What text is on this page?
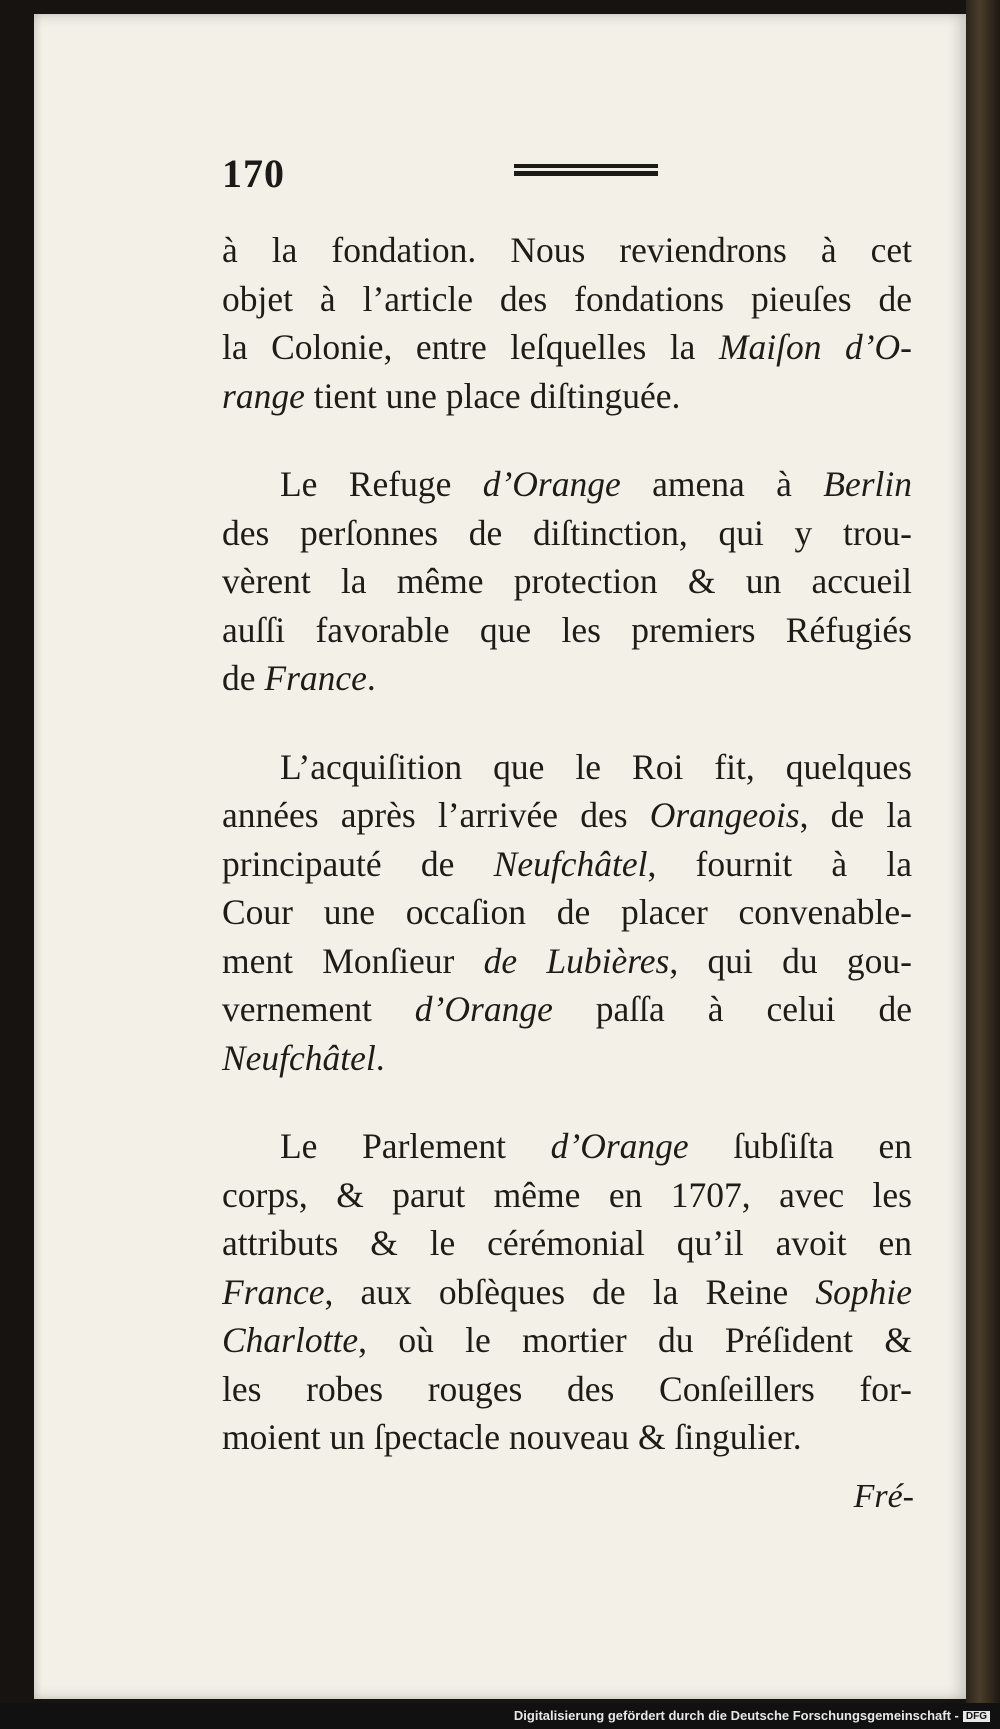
170

à la fondation. Nous reviendrons à cet
objet à l’article des fondations pieuſes de
la Colonie, entre leſquelles la Maiſon d’O-
range tient une place diſtinguée.

Le Refuge d’Orange amena à Berlin
des perſonnes de diſtinction, qui y trou-
vèrent la même protection & un accueil
auſſi favorable que les premiers Réfugiés
de France.

L’acquiſition que le Roi fit, quelques
années après l’arrivée des Orangeois, de la
principauté de Neufchâtel, fournit à la
Cour une occaſion de placer convenable-
ment Monſieur de Lubières, qui du gou-
vernement d’Orange paſſa à celui de
Neufchâtel.

Le Parlement d’Orange ſubſiſta en
corps, & parut même en 1707, avec les
attributs & le cérémonial qu’il avoit en
France, aux obſèques de la Reine Sophie
Charlotte, où le mortier du Préſident &
les robes rouges des Conſeillers for-
moient un ſpectacle nouveau & ſingulier.

Fré-
Digitalisierung gefördert durch die Deutsche Forschungsgemeinschaft - DFG
